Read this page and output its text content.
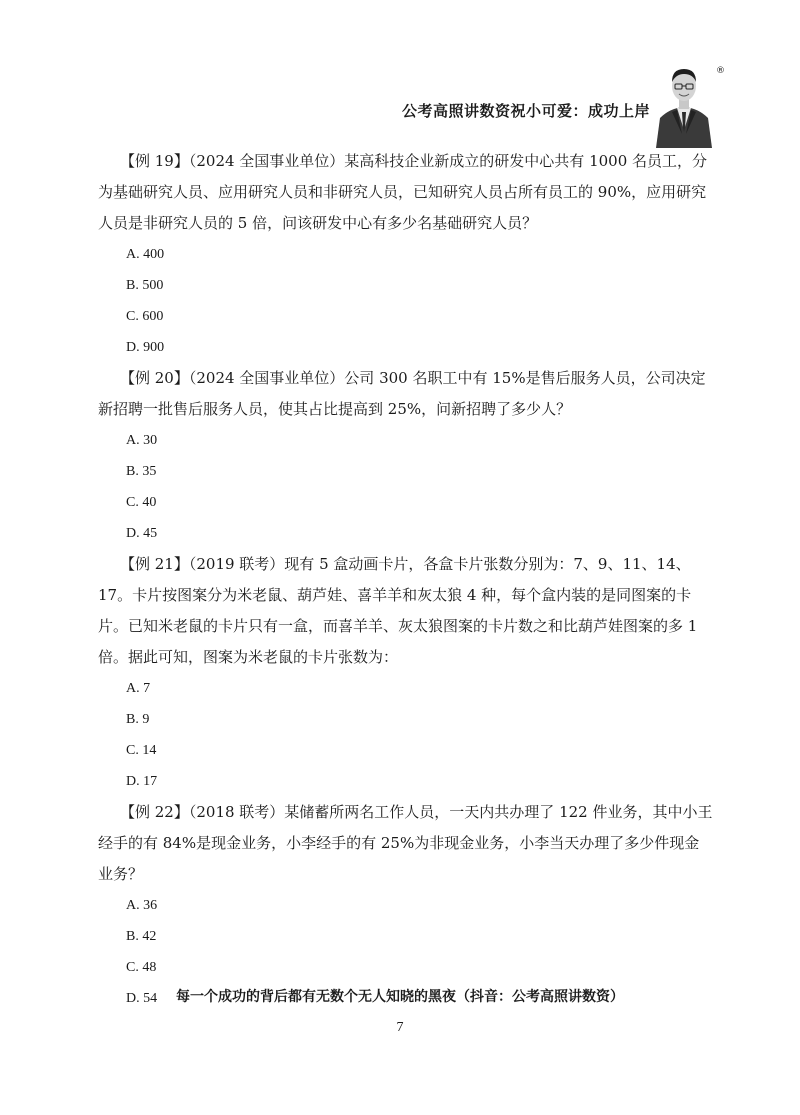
®
公考高照讲数资祝小可爱：成功上岸

【例 19】（2024 全国事业单位）某高科技企业新成立的研发中心共有 1000 名员工，分为基础研究人员、应用研究人员和非研究人员，已知研究人员占所有员工的 90%，应用研究人员是非研究人员的 5 倍，问该研发中心有多少名基础研究人员？

A. 400

B. 500

C. 600

D. 900

【例 20】（2024 全国事业单位）公司 300 名职工中有 15%是售后服务人员，公司决定新招聘一批售后服务人员，使其占比提高到 25%，问新招聘了多少人？

A. 30

B. 35

C. 40

D. 45

【例 21】（2019 联考）现有 5 盒动画卡片，各盒卡片张数分别为：7、9、11、14、17。卡片按图案分为米老鼠、葫芦娃、喜羊羊和灰太狼 4 种，每个盒内装的是同图案的卡片。已知米老鼠的卡片只有一盒，而喜羊羊、灰太狼图案的卡片数之和比葫芦娃图案的多 1 倍。据此可知，图案为米老鼠的卡片张数为：

A. 7

B. 9

C. 14

D. 17

【例 22】（2018 联考）某储蓄所两名工作人员，一天内共办理了 122 件业务，其中小王经手的有 84%是现金业务，小李经手的有 25%为非现金业务，小李当天办理了多少件现金业务？

A. 36

B. 42

C. 48

D. 54	每一个成功的背后都有无数个无人知晓的黑夜（抖音：公考高照讲数资）
7
